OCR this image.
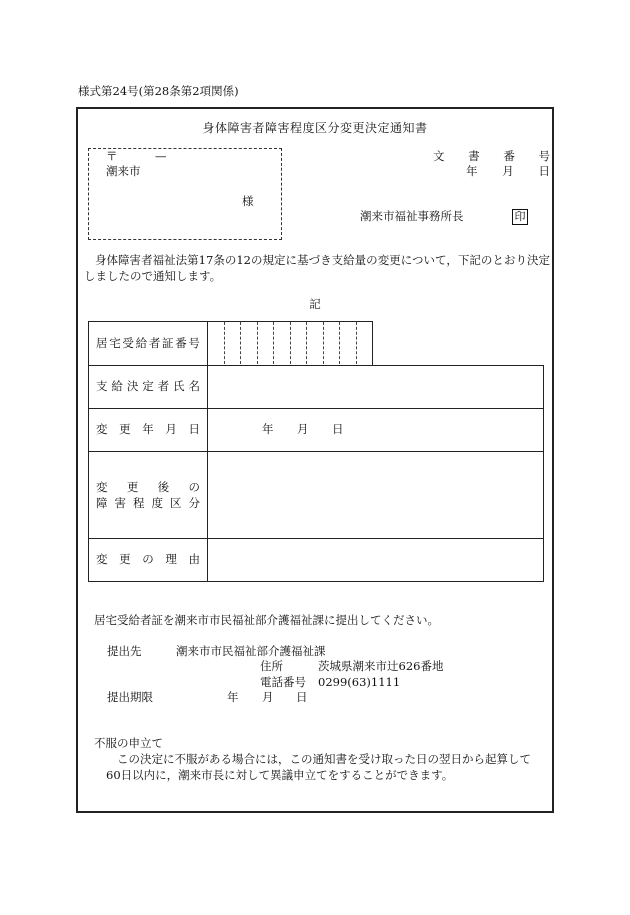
様式第24号(第28条第2項関係)
身体障害者障害程度区分変更決定通知書
〒	—
潮来市
様
文 書 番 号
年 月 日
潮来市福祉事務所長	印
身体障害者福祉法第17条の12の規定に基づき支給量の変更について，下記のとおり決定しましたので通知します。
記
居 宅 受 給 者 証 番 号
支 給 決 定 者 氏 名
変 更 年 月 日	年 月 日
変 更 後 の
障 害 程 度 区 分
変 更 の 理 由
居宅受給者証を潮来市市民福祉部介護福祉課に提出してください。
提出先	潮来市市民福祉部介護福祉課
住所	茨城県潮来市辻626番地
電話番号 0299(63)1111
提出期限	年 月 日
不服の申立て
この決定に不服がある場合には，この通知書を受け取った日の翌日から起算して
60日以内に，潮来市長に対して異議申立てをすることができます。
